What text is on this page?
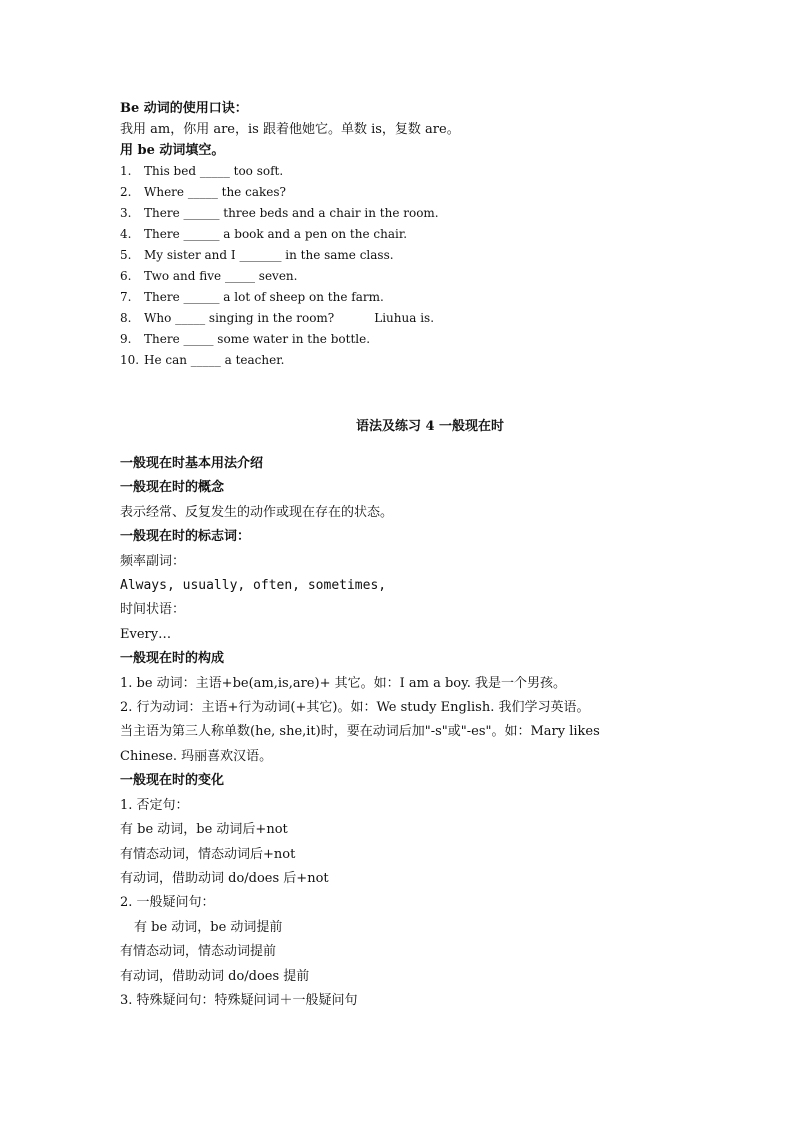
Be 动词的使用口诀：
我用 am，你用 are，is 跟着他她它。单数 is，复数 are。
用 be 动词填空。
1.	This bed _____ too soft.
2.	Where _____ the cakes?
3.	There ______ three beds and a chair in the room.
4.	There ______ a book and a pen on the chair.
5.	My sister and I _______ in the same class.
6.	Two and five _____ seven.
7.	There ______ a lot of sheep on the farm.
8.	Who _____ singing in the room?	Liuhua is.
9.	There _____ some water in the bottle.
10. He can _____ a teacher.
语法及练习 4 一般现在时
一般现在时基本用法介绍
一般现在时的概念
表示经常、反复发生的动作或现在存在的状态。
一般现在时的标志词：
频率副词：
Always, usually, often, sometimes,
时间状语：
Every…
一般现在时的构成
1. be 动词：主语+be(am,is,are)+ 其它。如：I am a boy. 我是一个男孩。
2. 行为动词：主语+行为动词(+其它)。如：We study English. 我们学习英语。
当主语为第三人称单数(he, she,it)时，要在动词后加"-s"或"-es"。如：Mary likes
Chinese. 玛丽喜欢汉语。
一般现在时的变化
1. 否定句：
有 be 动词，be 动词后+not
有情态动词，情态动词后+not
有动词，借助动词 do/does 后+not
2. 一般疑问句：
有 be 动词，be 动词提前
有情态动词，情态动词提前
有动词，借助动词 do/does 提前
3. 特殊疑问句：特殊疑问词＋一般疑问句
